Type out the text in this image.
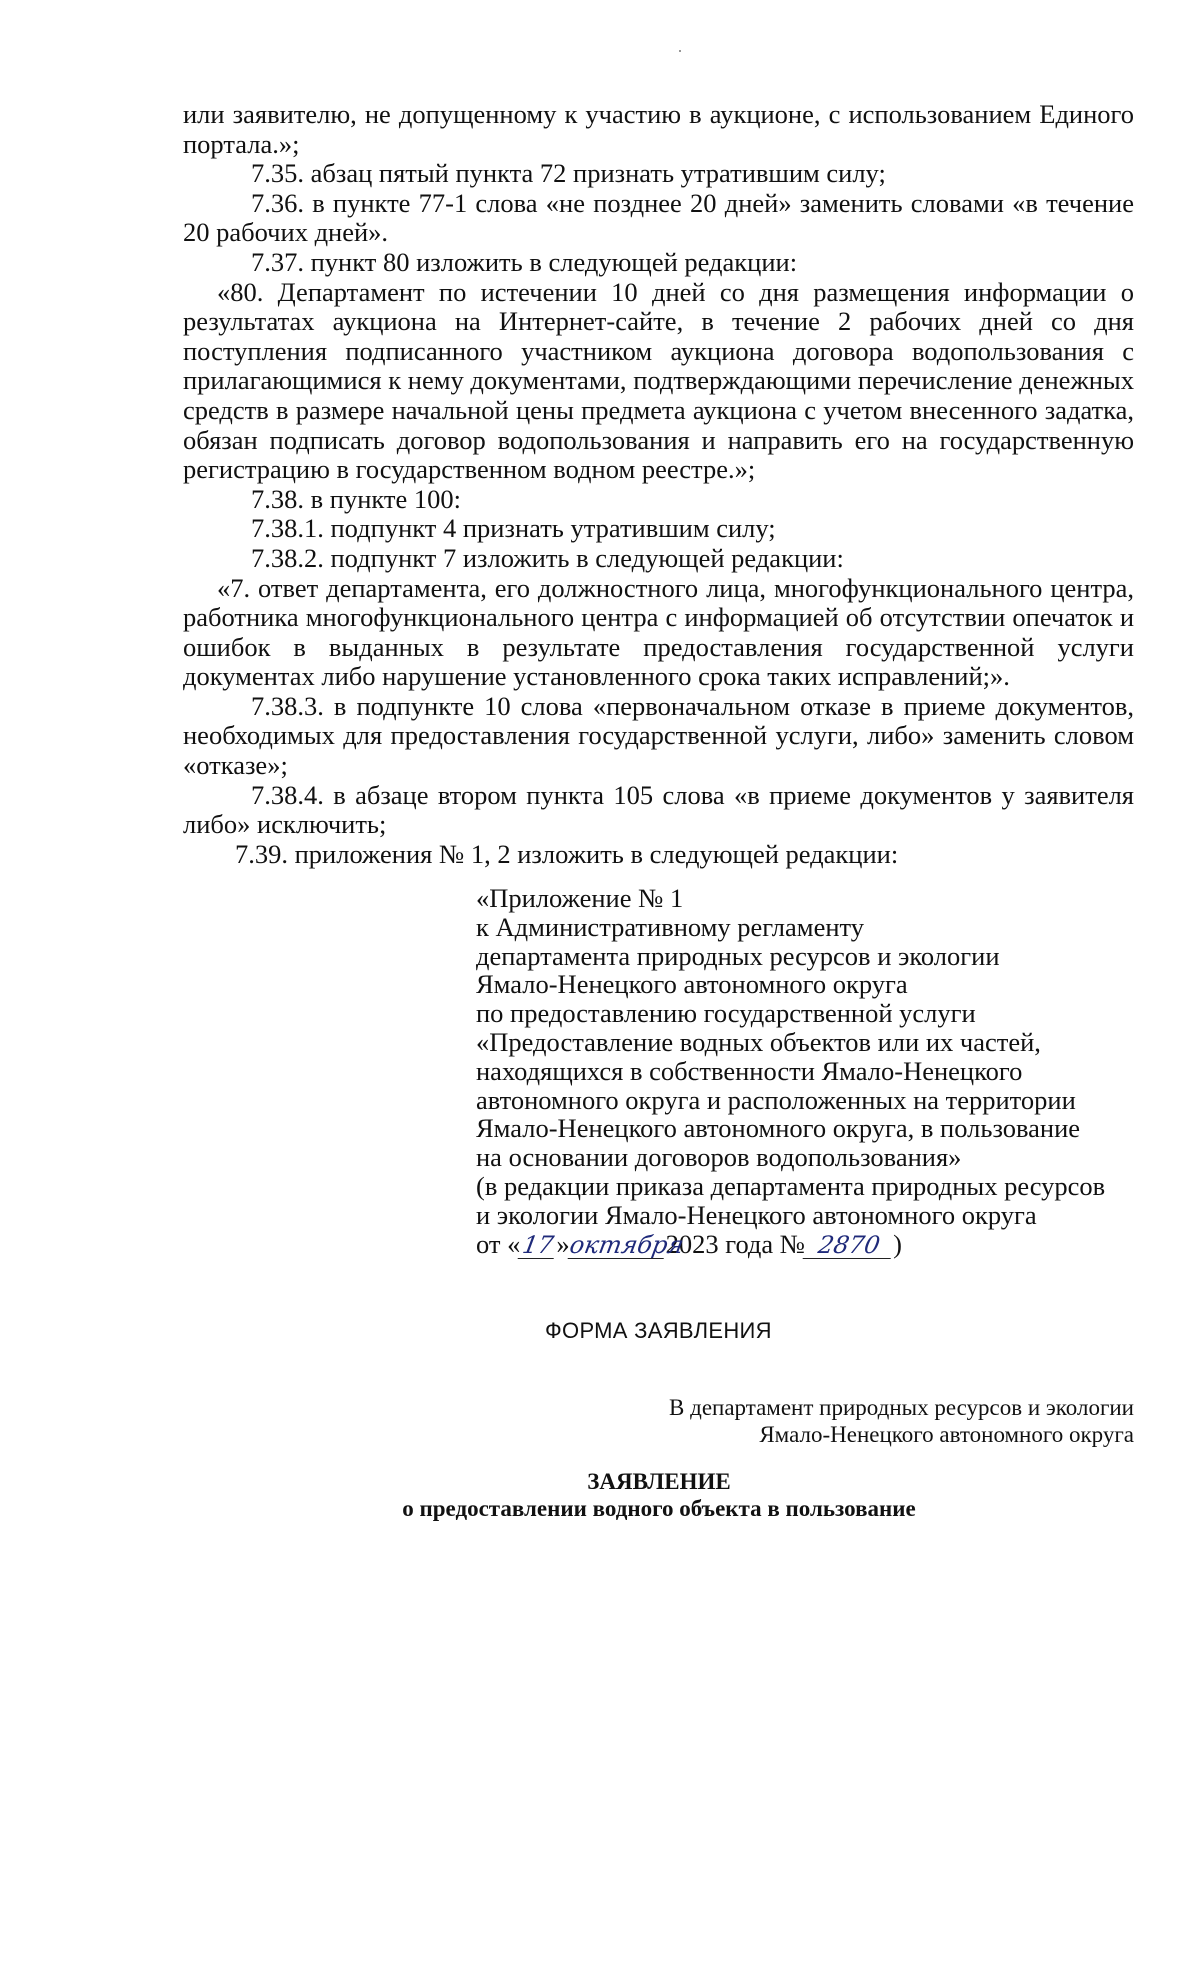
или заявителю, не допущенному к участию в аукционе, с использованием Единого портала.»;

7.35. абзац пятый пункта 72 признать утратившим силу;

7.36. в пункте 77-1 слова «не позднее 20 дней» заменить словами «в течение 20 рабочих дней».

7.37. пункт 80 изложить в следующей редакции:

«80. Департамент по истечении 10 дней со дня размещения информации о результатах аукциона на Интернет-сайте, в течение 2 рабочих дней со дня поступления подписанного участником аукциона договора водопользования с прилагающимися к нему документами, подтверждающими перечисление денежных средств в размере начальной цены предмета аукциона с учетом внесенного задатка, обязан подписать договор водопользования и направить его на государственную регистрацию в государственном водном реестре.»;

7.38. в пункте 100:

7.38.1. подпункт 4 признать утратившим силу;

7.38.2. подпункт 7 изложить в следующей редакции:

«7. ответ департамента, его должностного лица, многофункционального центра, работника многофункционального центра с информацией об отсутствии опечаток и ошибок в выданных в результате предоставления государственной услуги документах либо нарушение установленного срока таких исправлений;».

7.38.3. в подпункте 10 слова «первоначальном отказе в приеме документов, необходимых для предоставления государственной услуги, либо» заменить словом «отказе»;

7.38.4. в абзаце втором пункта 105 слова «в приеме документов у заявителя либо» исключить;

7.39. приложения № 1, 2 изложить в следующей редакции:

«Приложение № 1
к Административному регламенту
департамента природных ресурсов и экологии
Ямало-Ненецкого автономного округа
по предоставлению государственной услуги
«Предоставление водных объектов или их частей,
находящихся в собственности Ямало-Ненецкого
автономного округа и расположенных на территории
Ямало-Ненецкого автономного округа, в пользование
на основании договоров водопользования»
(в редакции приказа департамента природных ресурсов
и экологии Ямало-Ненецкого автономного округа
от «17»октября2023 года № 2870 )
ФОРМА ЗАЯВЛЕНИЯ
В департамент природных ресурсов и экологии
Ямало-Ненецкого автономного округа
ЗАЯВЛЕНИЕ
о предоставлении водного объекта в пользование
